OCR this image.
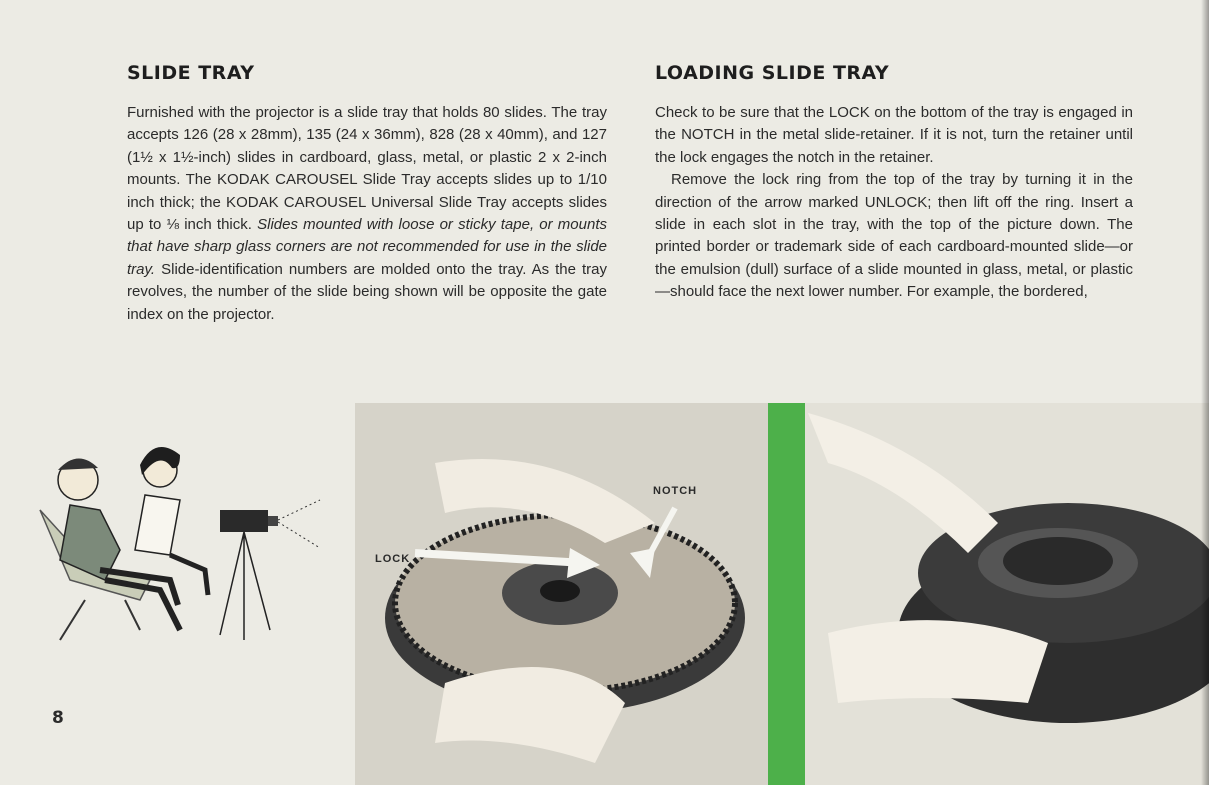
SLIDE TRAY

Furnished with the projector is a slide tray that holds 80 slides. The tray accepts 126 (28 x 28mm), 135 (24 x 36mm), 828 (28 x 40mm), and 127 (1½ x 1½-inch) slides in cardboard, glass, metal, or plastic 2 x 2-inch mounts. The KODAK CAROUSEL Slide Tray accepts slides up to 1/10 inch thick; the KODAK CAROUSEL Universal Slide Tray accepts slides up to ⅛ inch thick. Slides mounted with loose or sticky tape, or mounts that have sharp glass corners are not recommended for use in the slide tray. Slide-identification numbers are molded onto the tray. As the tray revolves, the number of the slide being shown will be opposite the gate index on the projector.

LOADING SLIDE TRAY

Check to be sure that the LOCK on the bottom of the tray is engaged in the NOTCH in the metal slide-retainer. If it is not, turn the retainer until the lock engages the notch in the retainer.

Remove the lock ring from the top of the tray by turning it in the direction of the arrow marked UNLOCK; then lift off the ring. Insert a slide in each slot in the tray, with the top of the picture down. The printed border or trademark side of each cardboard-mounted slide—or the emulsion (dull) surface of a slide mounted in glass, metal, or plastic—should face the next lower number. For example, the bordered,

8
NOTCH
LOCK
